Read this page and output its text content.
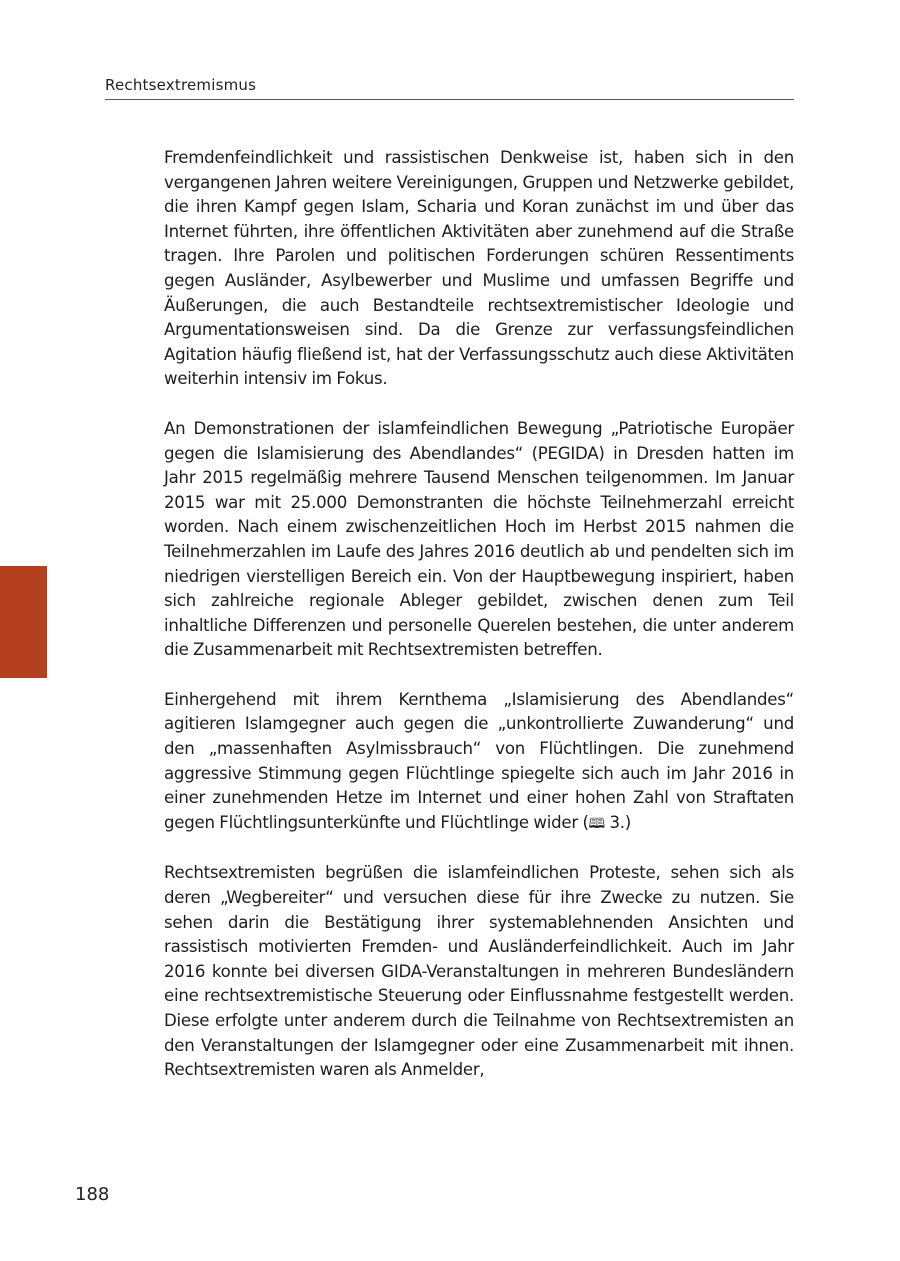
Rechtsextremismus

Fremdenfeindlichkeit und rassistischen Denkweise ist, haben sich in den vergangenen Jahren weitere Vereinigungen, Gruppen und Netzwerke gebildet, die ihren Kampf gegen Islam, Scharia und Koran zunächst im und über das Internet führten, ihre öffentlichen Aktivitäten aber zunehmend auf die Straße tragen. Ihre Parolen und politischen Forderungen schüren Ressentiments gegen Ausländer, Asylbewerber und Muslime und umfassen Begriffe und Äußerungen, die auch Bestandteile rechtsextremistischer Ideologie und Argumentationsweisen sind. Da die Grenze zur verfassungsfeindlichen Agitation häufig fließend ist, hat der Verfassungsschutz auch diese Aktivitäten weiterhin intensiv im Fokus.

An Demonstrationen der islamfeindlichen Bewegung „Patriotische Europäer gegen die Islamisierung des Abendlandes“ (PEGIDA) in Dresden hatten im Jahr 2015 regelmäßig mehrere Tausend Menschen teilgenommen. Im Januar 2015 war mit 25.000 Demonstranten die höchste Teilnehmerzahl erreicht worden. Nach einem zwischenzeitlichen Hoch im Herbst 2015 nahmen die Teilnehmerzahlen im Laufe des Jahres 2016 deutlich ab und pendelten sich im niedrigen vierstelligen Bereich ein. Von der Hauptbewegung inspiriert, haben sich zahlreiche regionale Ableger gebildet, zwischen denen zum Teil inhaltliche Differenzen und personelle Querelen bestehen, die unter anderem die Zusammenarbeit mit Rechtsextremisten betreffen.

Einhergehend mit ihrem Kernthema „Islamisierung des Abendlandes“ agitieren Islamgegner auch gegen die „unkontrollierte Zuwanderung“ und den „massenhaften Asylmissbrauch“ von Flüchtlingen. Die zunehmend aggressive Stimmung gegen Flüchtlinge spiegelte sich auch im Jahr 2016 in einer zunehmenden Hetze im Internet und einer hohen Zahl von Straftaten gegen Flüchtlingsunterkünfte und Flüchtlinge wider (🕮 3.)

Rechtsextremisten begrüßen die islamfeindlichen Proteste, sehen sich als deren „Wegbereiter“ und versuchen diese für ihre Zwecke zu nutzen. Sie sehen darin die Bestätigung ihrer systemablehnenden Ansichten und rassistisch motivierten Fremden- und Ausländerfeindlichkeit. Auch im Jahr 2016 konnte bei diversen GIDA-Veranstaltungen in mehreren Bundesländern eine rechtsextremistische Steuerung oder Einflussnahme festgestellt werden. Diese erfolgte unter anderem durch die Teilnahme von Rechtsextremisten an den Veranstaltungen der Islamgegner oder eine Zusammenarbeit mit ihnen. Rechtsextremisten waren als Anmelder,

188
